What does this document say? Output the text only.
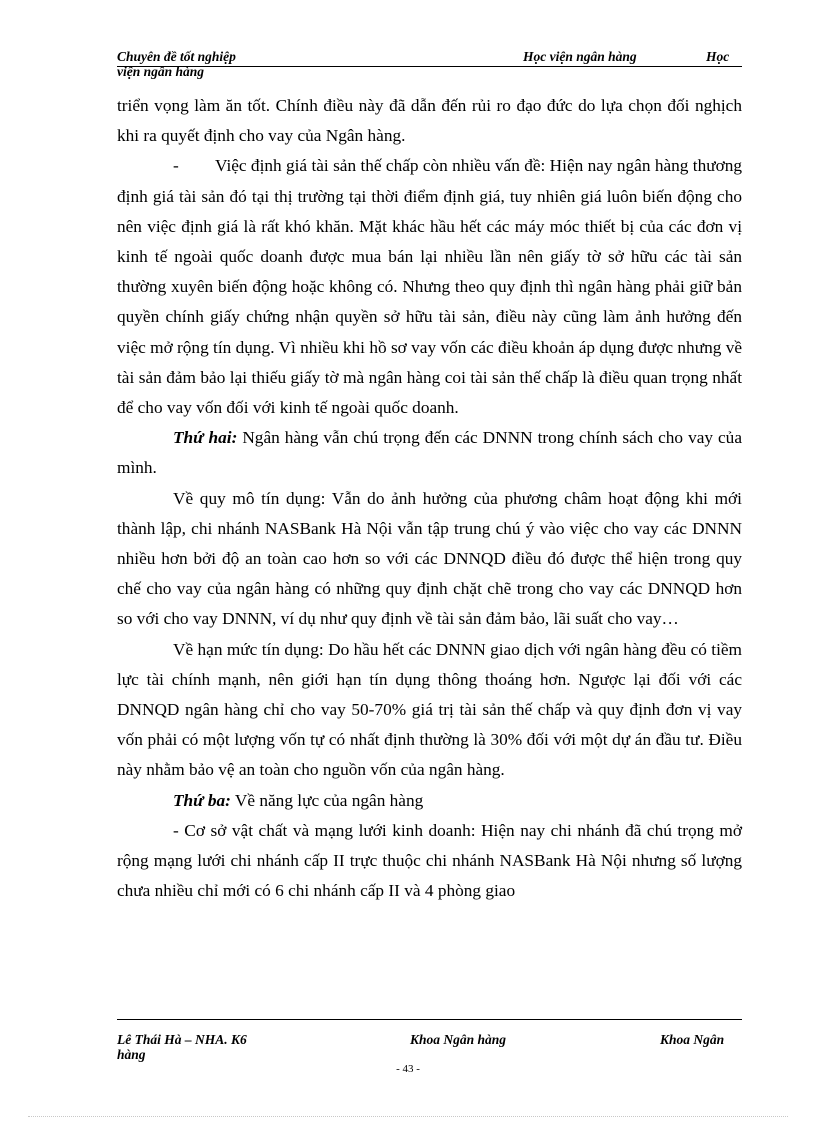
Chuyên đề tốt nghiệp	Học viện ngân hàng	Học
viện ngân hàng

triển vọng làm ăn tốt. Chính điều này đã dẫn đến rủi ro đạo đức do lựa chọn đối nghịch khi ra quyết định cho vay của Ngân hàng.

- Việc định giá tài sản thế chấp còn nhiều vấn đề: Hiện nay ngân hàng thương định giá tài sản đó tại thị trường tại thời điểm định giá, tuy nhiên giá luôn biến động cho nên việc định giá là rất khó khăn. Mặt khác hầu hết các máy móc thiết bị của các đơn vị kinh tế ngoài quốc doanh được mua bán lại nhiều lần nên giấy tờ sở hữu các tài sản thường xuyên biến động hoặc không có. Nhưng theo quy định thì ngân hàng phải giữ bản quyền chính giấy chứng nhận quyền sở hữu tài sản, điều này cũng làm ảnh hưởng đến việc mở rộng tín dụng. Vì nhiều khi hồ sơ vay vốn các điều khoản áp dụng được nhưng về tài sản đảm bảo lại thiếu giấy tờ mà ngân hàng coi tài sản thế chấp là điều quan trọng nhất để cho vay vốn đối với kinh tế ngoài quốc doanh.

Thứ hai: Ngân hàng vẫn chú trọng đến các DNNN trong chính sách cho vay của mình.

Về quy mô tín dụng: Vẫn do ảnh hưởng của phương châm hoạt động khi mới thành lập, chi nhánh NASBank Hà Nội vẫn tập trung chú ý vào việc cho vay các DNNN nhiều hơn bởi độ an toàn cao hơn so với các DNNQD điều đó được thể hiện trong quy chế cho vay của ngân hàng có những quy định chặt chẽ trong cho vay các DNNQD hơn so với cho vay DNNN, ví dụ như quy định về tài sản đảm bảo, lãi suất cho vay…

Về hạn mức tín dụng: Do hầu hết các DNNN giao dịch với ngân hàng đều có tiềm lực tài chính mạnh, nên giới hạn tín dụng thông thoáng hơn. Ngược lại đối với các DNNQD ngân hàng chỉ cho vay 50-70% giá trị tài sản thế chấp và quy định đơn vị vay vốn phải có một lượng vốn tự có nhất định thường là 30% đối với một dự án đầu tư. Điều này nhằm bảo vệ an toàn cho nguồn vốn của ngân hàng.

Thứ ba: Về năng lực của ngân hàng

- Cơ sở vật chất và mạng lưới kinh doanh: Hiện nay chi nhánh đã chú trọng mở rộng mạng lưới chi nhánh cấp II trực thuộc chi nhánh NASBank Hà Nội nhưng số lượng chưa nhiều chỉ mới có 6 chi nhánh cấp II và 4 phòng giao

Lê Thái Hà – NHA. K6	Khoa Ngân hàng	Khoa Ngân
hàng
- 43 -
